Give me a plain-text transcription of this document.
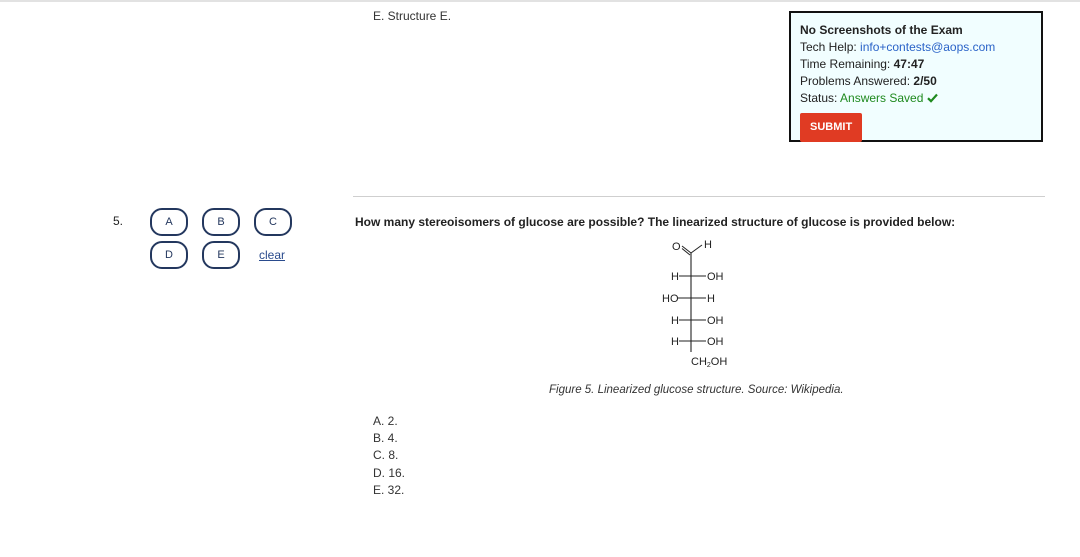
E. Structure E.
No Screenshots of the Exam
Tech Help: info+contests@aops.com
Time Remaining: 47:47
Problems Answered: 2/50
Status: Answers Saved
SUBMIT
5.	A	B	C
D	E	clear
How many stereoisomers of glucose are possible? The linearized structure of glucose is provided below:
O H
H	OH
HO	H
H	OH
H	OH
CH2OH
Figure 5. Linearized glucose structure. Source: Wikipedia.
A. 2.
B. 4.
C. 8.
D. 16.
E. 32.
